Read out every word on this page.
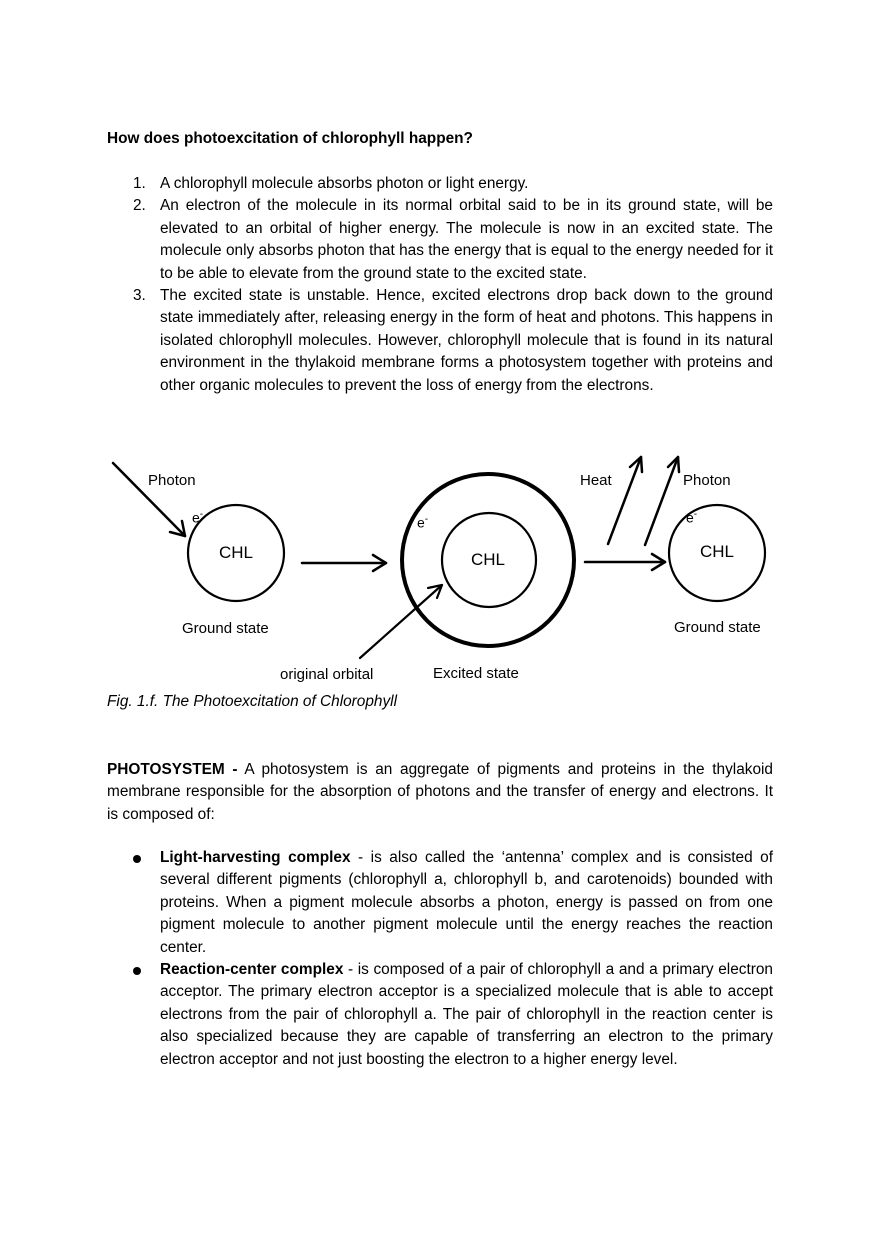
How does photoexcitation of chlorophyll happen?
1. A chlorophyll molecule absorbs photon or light energy.
2. An electron of the molecule in its normal orbital said to be in its ground state, will be elevated to an orbital of higher energy. The molecule is now in an excited state. The molecule only absorbs photon that has the energy that is equal to the energy needed for it to be able to elevate from the ground state to the excited state.
3. The excited state is unstable. Hence, excited electrons drop back down to the ground state immediately after, releasing energy in the form of heat and photons. This happens in isolated chlorophyll molecules. However, chlorophyll molecule that is found in its natural environment in the thylakoid membrane forms a photosystem together with proteins and other organic molecules to prevent the loss of energy from the electrons.
Photon
e-
CHL
Ground state
e-
CHL
original orbital	Excited state
Heat	Photon
e-
CHL
Ground state
Fig. 1.f. The Photoexcitation of Chlorophyll

PHOTOSYSTEM - A photosystem is an aggregate of pigments and proteins in the thylakoid membrane responsible for the absorption of photons and the transfer of energy and electrons. It is composed of:

Light-harvesting complex - is also called the ‘antenna’ complex and is consisted of several different pigments (chlorophyll a, chlorophyll b, and carotenoids) bounded with proteins. When a pigment molecule absorbs a photon, energy is passed on from one pigment molecule to another pigment molecule until the energy reaches the reaction center.
Reaction-center complex - is composed of a pair of chlorophyll a and a primary electron acceptor. The primary electron acceptor is a specialized molecule that is able to accept electrons from the pair of chlorophyll a. The pair of chlorophyll in the reaction center is also specialized because they are capable of transferring an electron to the primary electron acceptor and not just boosting the electron to a higher energy level.
